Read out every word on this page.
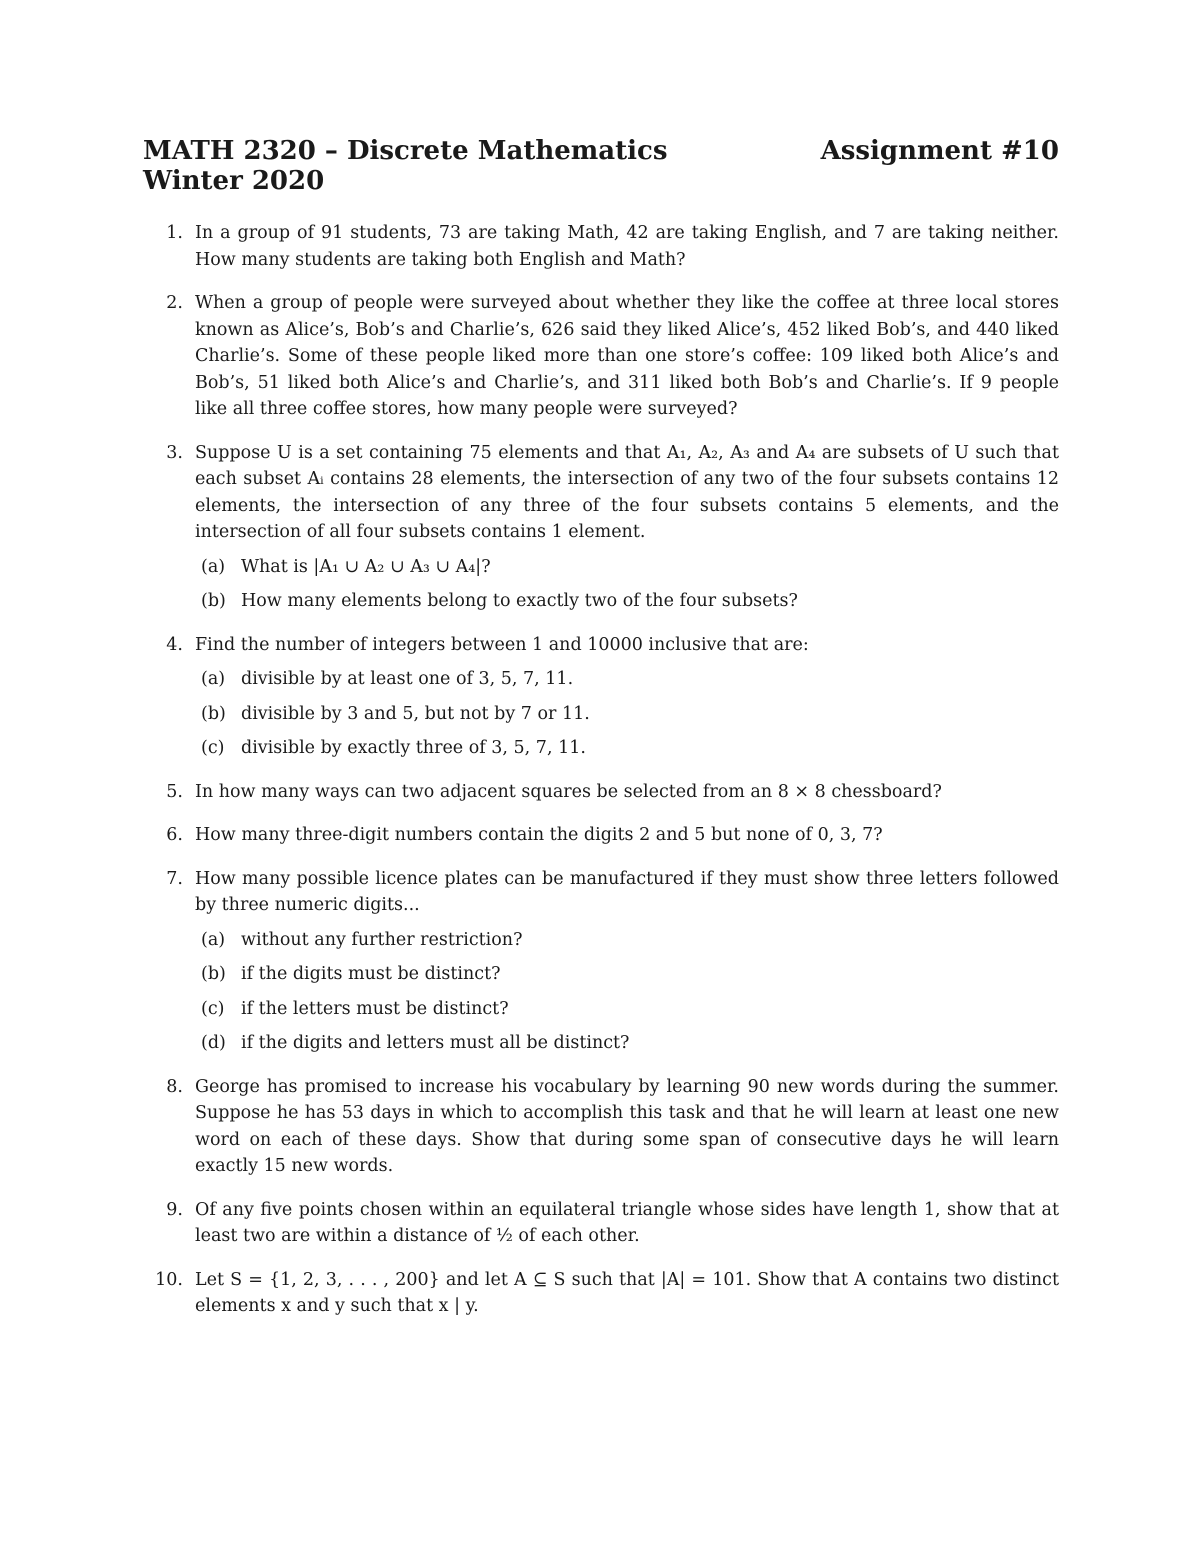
MATH 2320 – Discrete Mathematics	Assignment #10
Winter 2020
1. In a group of 91 students, 73 are taking Math, 42 are taking English, and 7 are taking neither. How many students are taking both English and Math?
2. When a group of people were surveyed about whether they like the coffee at three local stores known as Alice’s, Bob’s and Charlie’s, 626 said they liked Alice’s, 452 liked Bob’s, and 440 liked Charlie’s. Some of these people liked more than one store’s coffee: 109 liked both Alice’s and Bob’s, 51 liked both Alice’s and Charlie’s, and 311 liked both Bob’s and Charlie’s. If 9 people like all three coffee stores, how many people were surveyed?
3. Suppose U is a set containing 75 elements and that A₁, A₂, A₃ and A₄ are subsets of U such that each subset Aᵢ contains 28 elements, the intersection of any two of the four subsets contains 12 elements, the intersection of any three of the four subsets contains 5 elements, and the intersection of all four subsets contains 1 element.
(a) What is |A₁ ∪ A₂ ∪ A₃ ∪ A₄|?
(b) How many elements belong to exactly two of the four subsets?
4. Find the number of integers between 1 and 10000 inclusive that are:
(a) divisible by at least one of 3, 5, 7, 11.
(b) divisible by 3 and 5, but not by 7 or 11.
(c) divisible by exactly three of 3, 5, 7, 11.
5. In how many ways can two adjacent squares be selected from an 8 × 8 chessboard?
6. How many three-digit numbers contain the digits 2 and 5 but none of 0, 3, 7?
7. How many possible licence plates can be manufactured if they must show three letters followed by three numeric digits...
(a) without any further restriction?
(b) if the digits must be distinct?
(c) if the letters must be distinct?
(d) if the digits and letters must all be distinct?
8. George has promised to increase his vocabulary by learning 90 new words during the summer. Suppose he has 53 days in which to accomplish this task and that he will learn at least one new word on each of these days. Show that during some span of consecutive days he will learn exactly 15 new words.
9. Of any five points chosen within an equilateral triangle whose sides have length 1, show that at least two are within a distance of ½ of each other.
10. Let S = {1, 2, 3, . . . , 200} and let A ⊆ S such that |A| = 101. Show that A contains two distinct elements x and y such that x | y.
